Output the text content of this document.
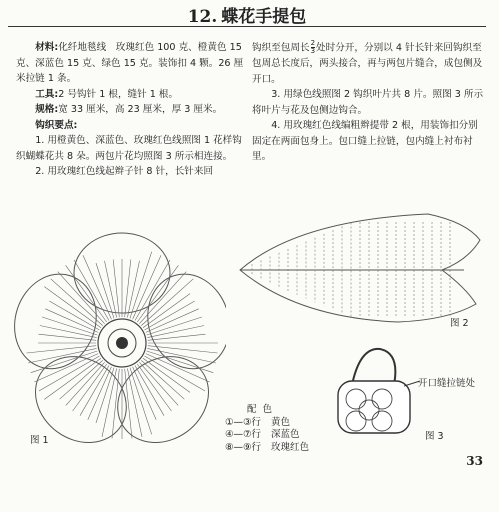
12. 蝶花手提包

材料:化纤地毯线　玫瑰红色 100 克、橙黄色 15 克、深蓝色 15 克、绿色 15 克。装饰扣 4 颗。26 厘米拉链 1 条。

工具:2 号钩针 1 根，缝针 1 根。

规格:宽 33 厘米，高 23 厘米，厚 3 厘米。

钩织要点:

1. 用橙黄色、深蓝色、玫瑰红色线照图 1 花样钩织蝴蝶花共 8 朵。两包片花均照图 3 所示相连接。

2. 用玫瑰红色线起辫子针 8 针，长针来回

钩织至包周长 $\frac{2}{3}$ 处时分开，分别以 4 针长针来回钩织至包周总长度后，两头接合，再与两包片缝合，成包侧及开口。

3. 用绿色线照图 2 钩织叶片共 8 片。照图 3 所示将叶片与花及包侧边钩合。

4. 用玫瑰红色线编粗辫提带 2 根，用装饰扣分别固定在两面包身上。包口缝上拉链，包内缝上衬布衬里。

图 1
图 2
图 3
开口缝拉链处
配色
①—③行 黄色
④—⑦行 深蓝色
⑧—⑨行 玫瑰红色
33
